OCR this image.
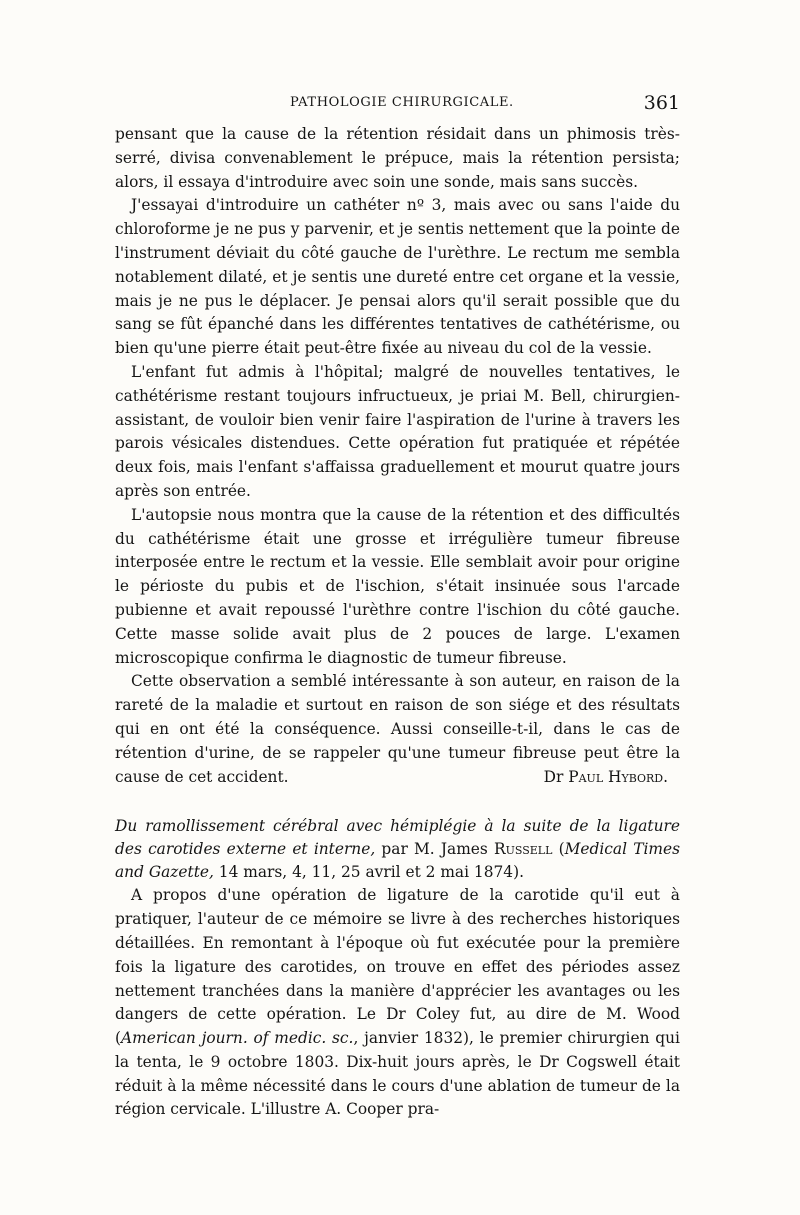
PATHOLOGIE CHIRURGICALE.	361

pensant que la cause de la rétention résidait dans un phimosis très-serré, divisa convenablement le prépuce, mais la rétention persista; alors, il essaya d'introduire avec soin une sonde, mais sans succès.

J'essayai d'introduire un cathéter nº 3, mais avec ou sans l'aide du chloroforme je ne pus y parvenir, et je sentis nettement que la pointe de l'instrument déviait du côté gauche de l'urèthre. Le rectum me sembla notablement dilaté, et je sentis une dureté entre cet organe et la vessie, mais je ne pus le déplacer. Je pensai alors qu'il serait possible que du sang se fût épanché dans les différentes tentatives de cathétérisme, ou bien qu'une pierre était peut-être fixée au niveau du col de la vessie.

L'enfant fut admis à l'hôpital; malgré de nouvelles tentatives, le cathétérisme restant toujours infructueux, je priai M. Bell, chirurgien-assistant, de vouloir bien venir faire l'aspiration de l'urine à travers les parois vésicales distendues. Cette opération fut pratiquée et répétée deux fois, mais l'enfant s'affaissa graduellement et mourut quatre jours après son entrée.

L'autopsie nous montra que la cause de la rétention et des difficultés du cathétérisme était une grosse et irrégulière tumeur fibreuse interposée entre le rectum et la vessie. Elle semblait avoir pour origine le périoste du pubis et de l'ischion, s'était insinuée sous l'arcade pubienne et avait repoussé l'urèthre contre l'ischion du côté gauche. Cette masse solide avait plus de 2 pouces de large. L'examen microscopique confirma le diagnostic de tumeur fibreuse.

Cette observation a semblé intéressante à son auteur, en raison de la rareté de la maladie et surtout en raison de son siége et des résultats qui en ont été la conséquence. Aussi conseille-t-il, dans le cas de rétention d'urine, de se rappeler qu'une tumeur fibreuse peut être la cause de cet accident.	Dr Paul Hybord.

Du ramollissement cérébral avec hémiplégie à la suite de la ligature des carotides externe et interne, par M. James Russell (Medical Times and Gazette, 14 mars, 4, 11, 25 avril et 2 mai 1874).

A propos d'une opération de ligature de la carotide qu'il eut à pratiquer, l'auteur de ce mémoire se livre à des recherches historiques détaillées. En remontant à l'époque où fut exécutée pour la première fois la ligature des carotides, on trouve en effet des périodes assez nettement tranchées dans la manière d'apprécier les avantages ou les dangers de cette opération. Le Dr Coley fut, au dire de M. Wood (American journ. of medic. sc., janvier 1832), le premier chirurgien qui la tenta, le 9 octobre 1803. Dix-huit jours après, le Dr Cogswell était réduit à la même nécessité dans le cours d'une ablation de tumeur de la région cervicale. L'illustre A. Cooper pra-
